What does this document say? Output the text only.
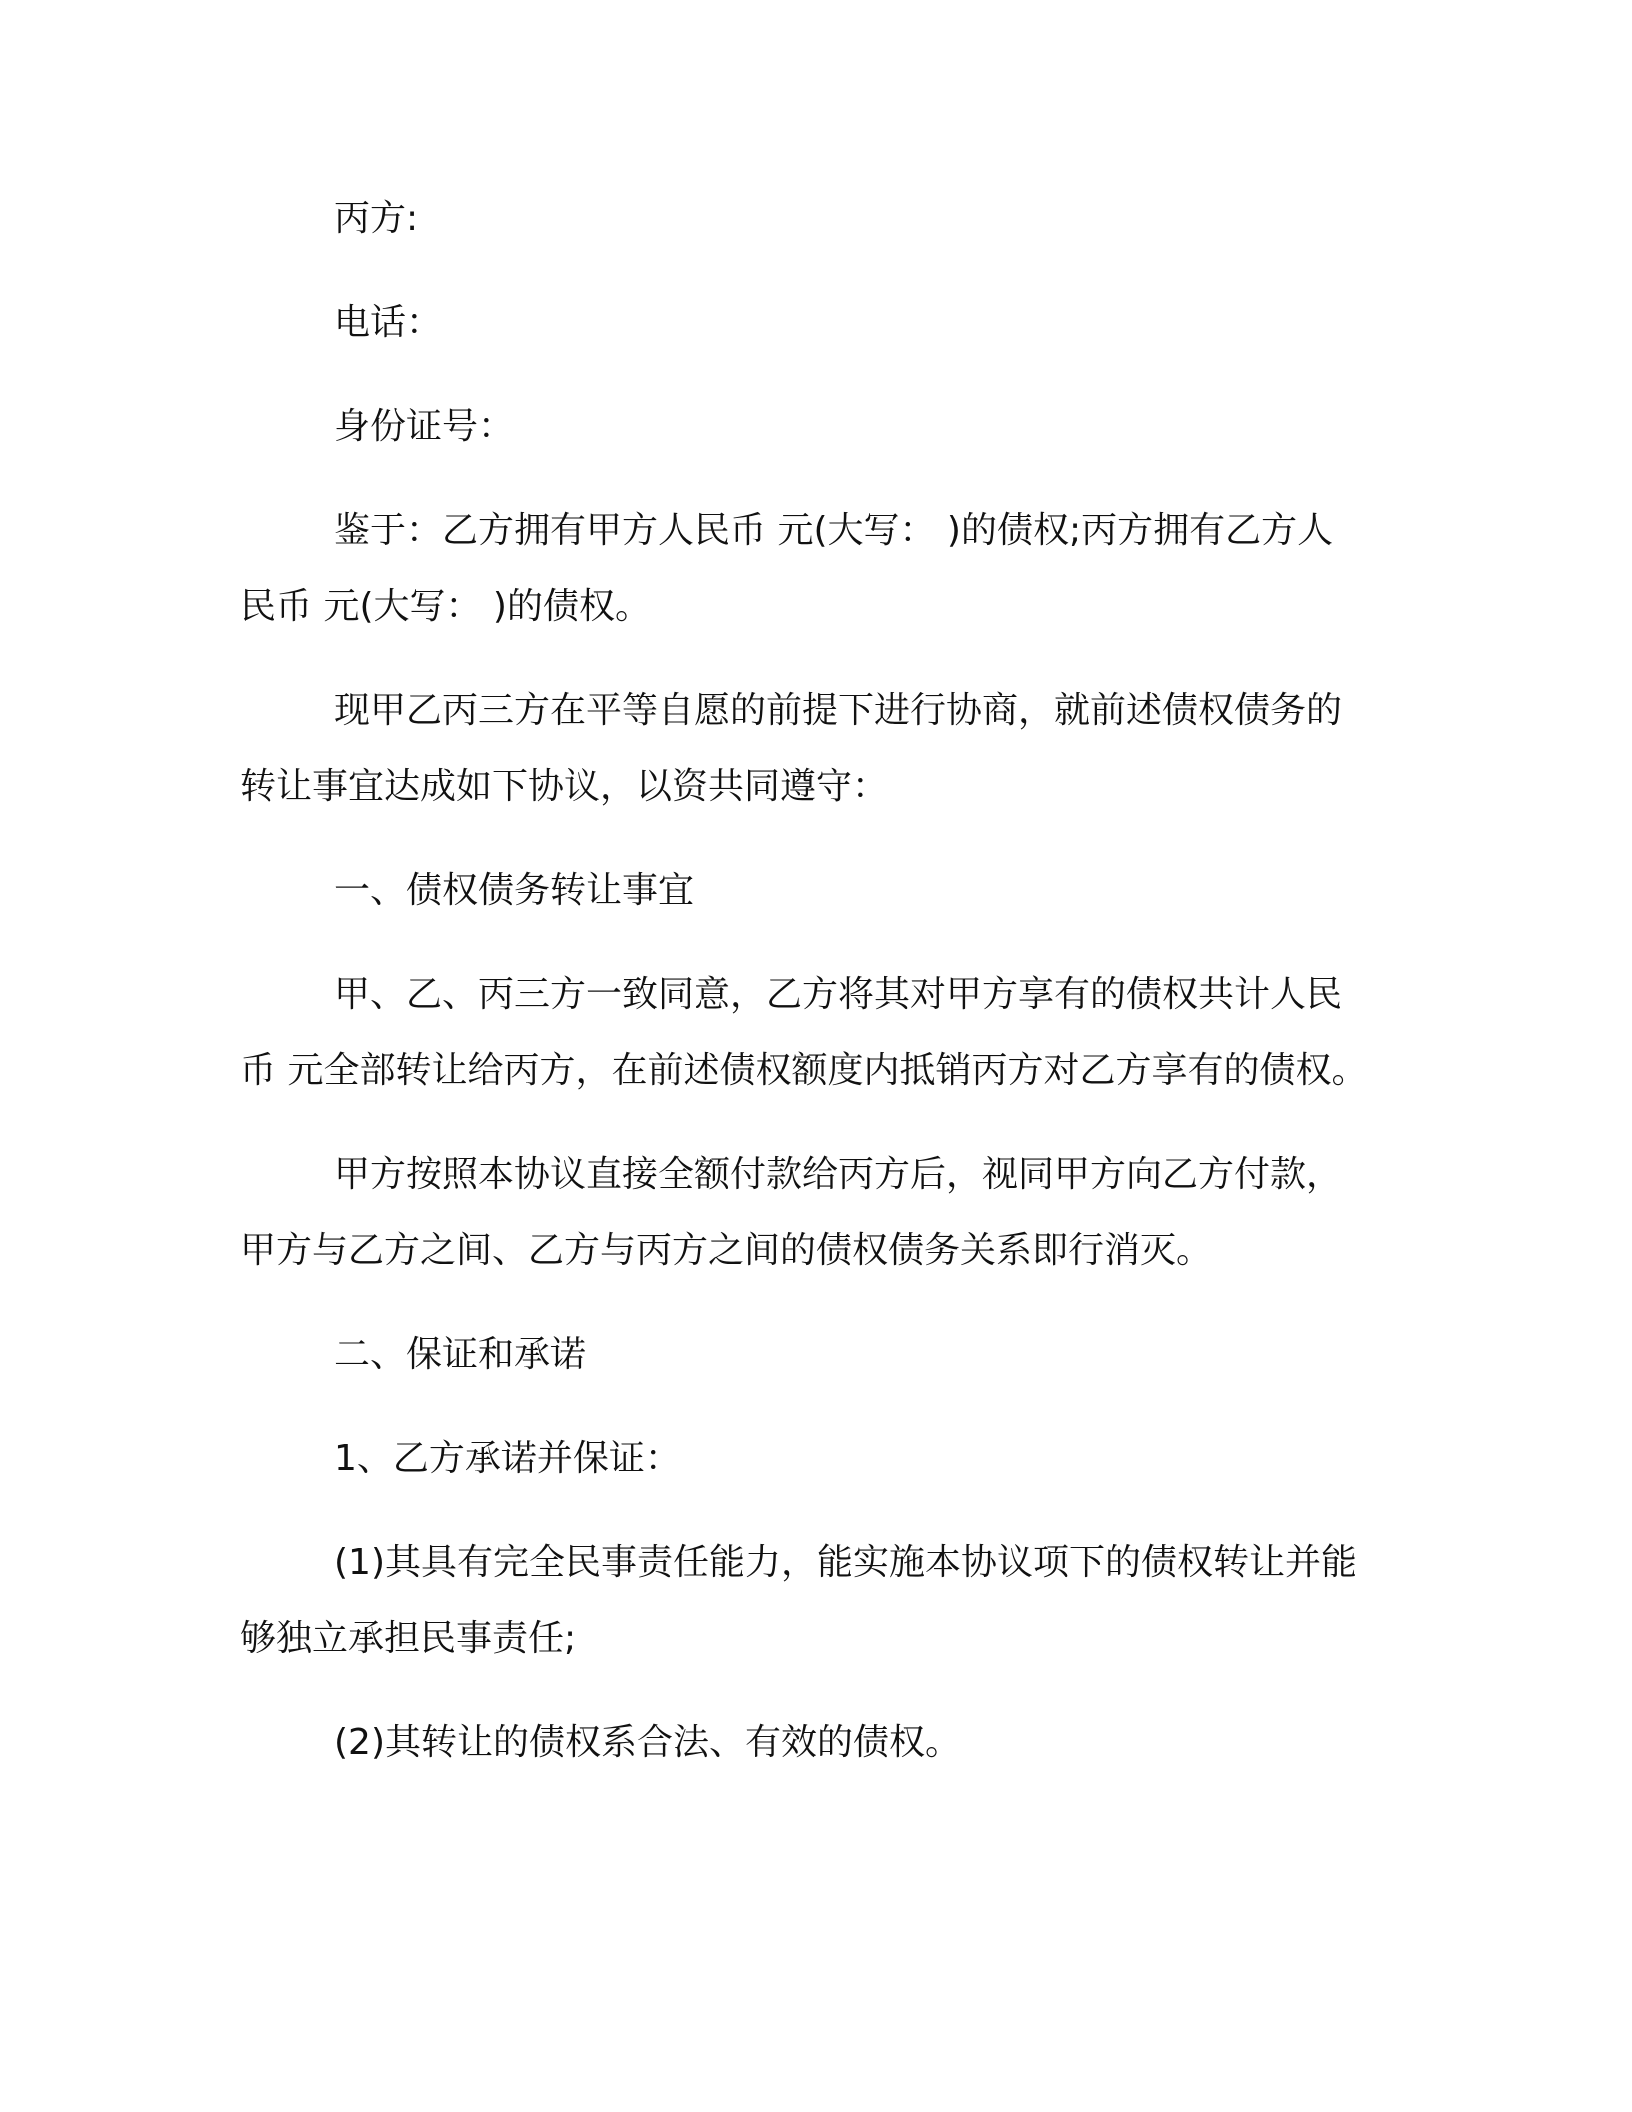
丙方:
电话：
身份证号：
鉴于：乙方拥有甲方人民币 元(大写： )的债权;丙方拥有乙方人
民币 元(大写： )的债权。
现甲乙丙三方在平等自愿的前提下进行协商，就前述债权债务的
转让事宜达成如下协议，以资共同遵守：
一、债权债务转让事宜
甲、乙、丙三方一致同意，乙方将其对甲方享有的债权共计人民
币 元全部转让给丙方，在前述债权额度内抵销丙方对乙方享有的债权。
甲方按照本协议直接全额付款给丙方后，视同甲方向乙方付款，
甲方与乙方之间、乙方与丙方之间的债权债务关系即行消灭。
二、保证和承诺
1、乙方承诺并保证：
(1)其具有完全民事责任能力，能实施本协议项下的债权转让并能
够独立承担民事责任;
(2)其转让的债权系合法、有效的债权。
